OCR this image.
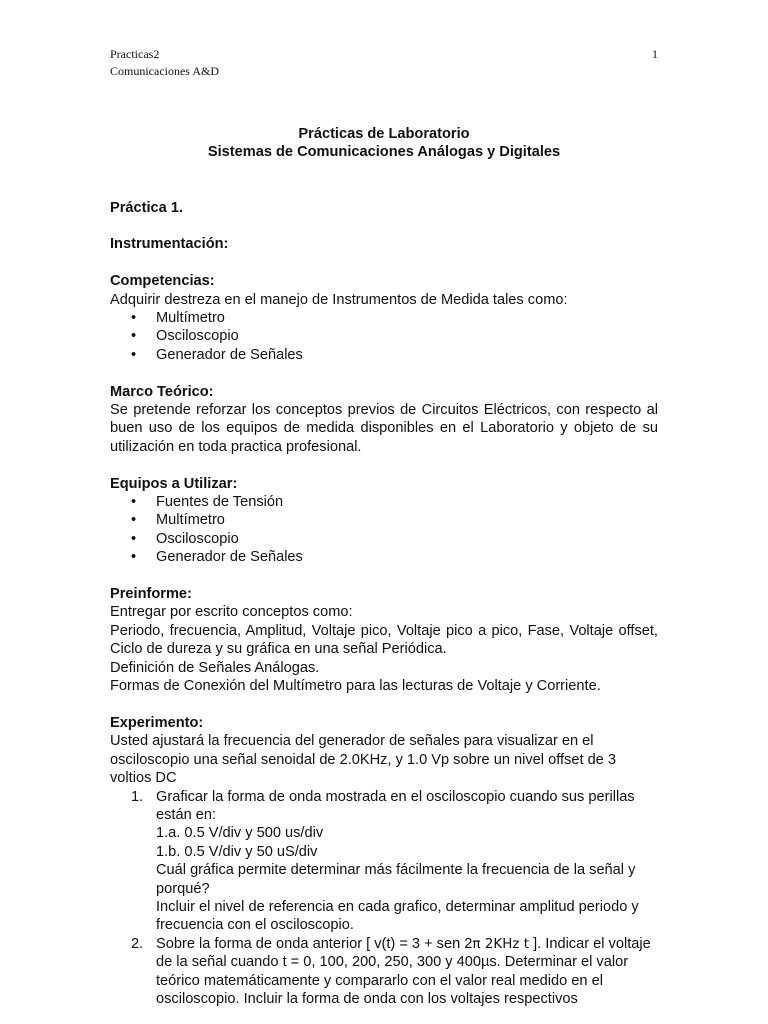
Practicas2
Comunicaciones A&D
1
Prácticas de Laboratorio
Sistemas de Comunicaciones Análogas y Digitales

Práctica 1.

Instrumentación:

Competencias:

Adquirir destreza en el manejo de Instrumentos de Medida tales como:

• Multímetro
• Osciloscopio
• Generador de Señales

Marco Teórico:

Se pretende reforzar los conceptos previos de Circuitos Eléctricos, con respecto al buen uso de los equipos de medida disponibles en el Laboratorio y objeto de su utilización en toda practica profesional.

Equipos a Utilizar:

• Fuentes de Tensión
• Multímetro
• Osciloscopio
• Generador de Señales

Preinforme:

Entregar por escrito conceptos como:

Periodo, frecuencia, Amplitud, Voltaje pico, Voltaje pico a pico, Fase, Voltaje offset, Ciclo de dureza y su gráfica en una señal Periódica.

Definición de Señales Análogas.

Formas de Conexión del Multímetro para las lecturas de Voltaje y Corriente.

Experimento:

Usted ajustará la frecuencia del generador de señales para visualizar en el osciloscopio una señal senoidal de 2.0KHz, y 1.0 Vp sobre un nivel offset de 3 voltios DC

1. Graficar la forma de onda mostrada en el osciloscopio cuando sus perillas están en:

1.a. 0.5 V/div y 500 us/div

1.b. 0.5 V/div y 50 uS/div

Cuál gráfica permite determinar más fácilmente la frecuencia de la señal y porqué?

Incluir el nivel de referencia en cada grafico, determinar amplitud periodo y frecuencia con el osciloscopio.

2. Sobre la forma de onda anterior [ v(t) = 3 + sen 2π 2KHz t ]. Indicar el voltaje de la señal cuando t = 0, 100, 200, 250, 300 y 400µs. Determinar el valor teórico matemáticamente y compararlo con el valor real medido en el osciloscopio. Incluir la forma de onda con los voltajes respectivos
